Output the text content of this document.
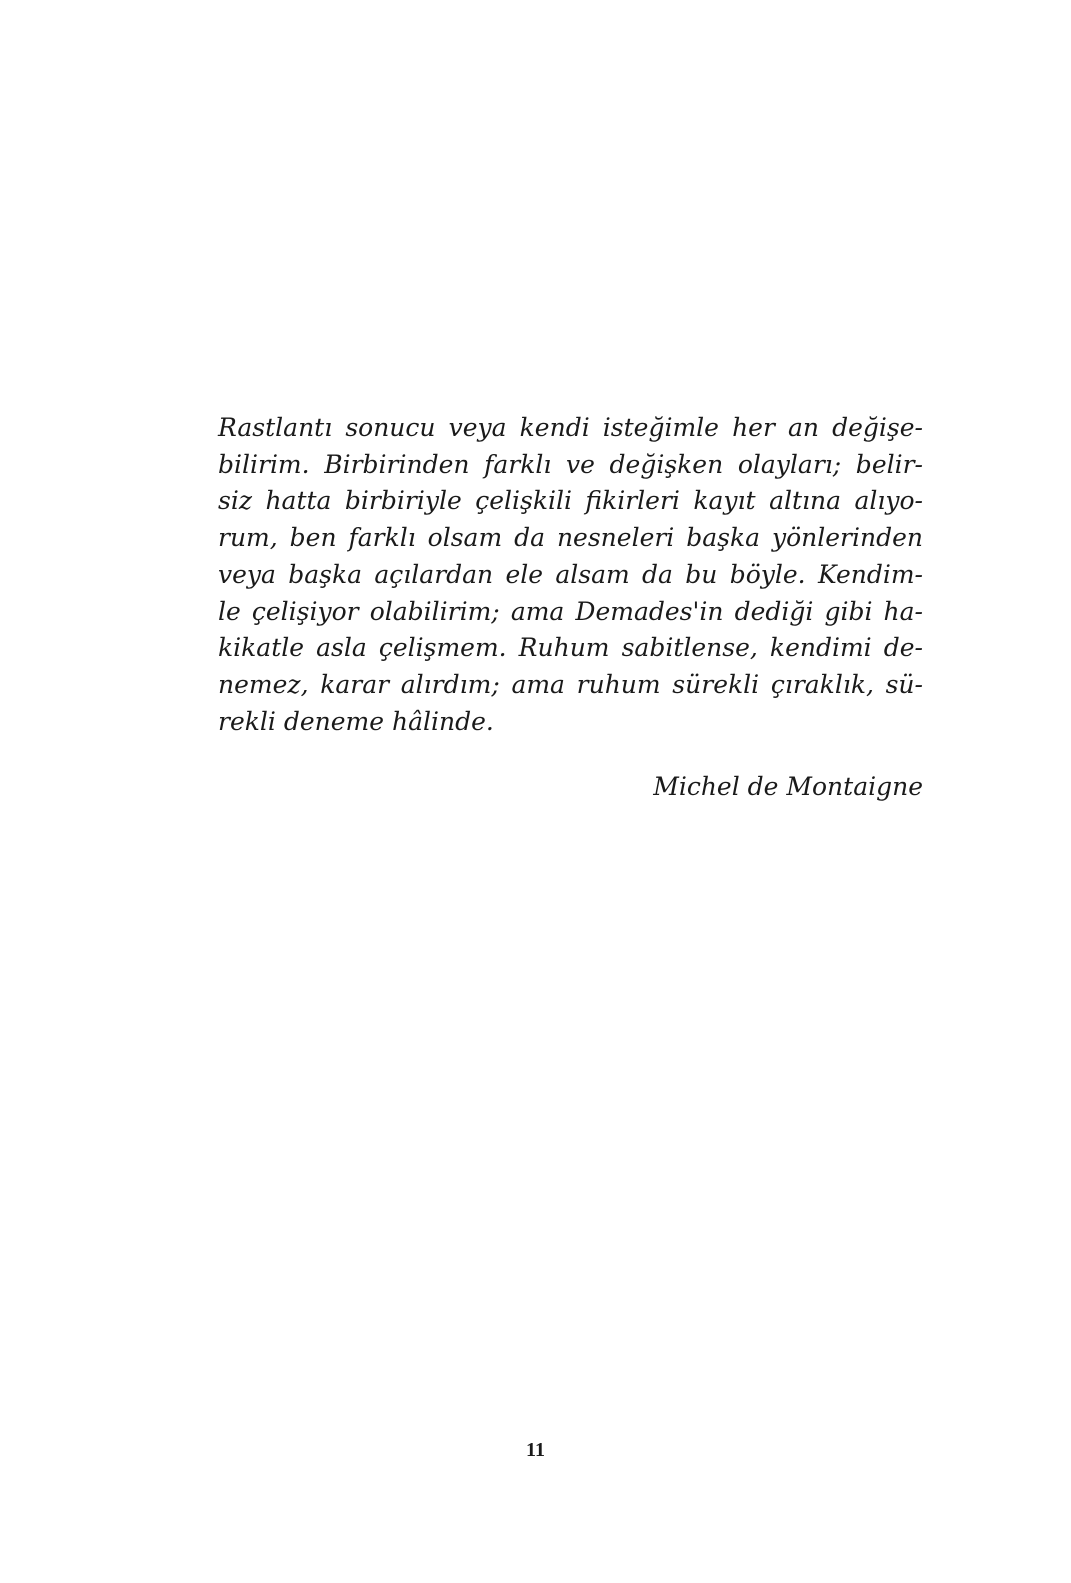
Rastlantı sonucu veya kendi isteğimle her an değişe-
bilirim. Birbirinden farklı ve değişken olayları; belir-
siz hatta birbiriyle çelişkili fikirleri kayıt altına alıyo-
rum, ben farklı olsam da nesneleri başka yönlerinden
veya başka açılardan ele alsam da bu böyle. Kendim-
le çelişiyor olabilirim; ama Demades'in dediği gibi ha-
kikatle asla çelişmem. Ruhum sabitlense, kendimi de-
nemez, karar alırdım; ama ruhum sürekli çıraklık, sü-
rekli deneme hâlinde.
Michel de Montaigne
11
